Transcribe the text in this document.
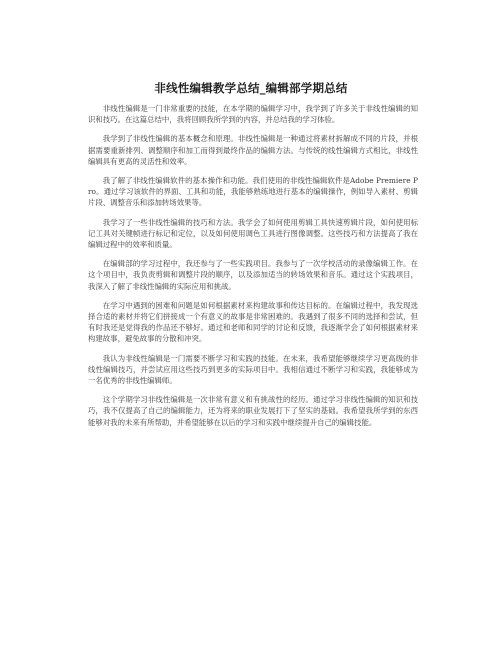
非线性编辑教学总结_编辑部学期总结

非线性编辑是一门非常重要的技能，在本学期的编辑学习中，我学到了许多关于非线性编辑的知识和技巧。在这篇总结中，我将回顾我所学到的内容，并总结我的学习体验。

我学到了非线性编辑的基本概念和原理。非线性编辑是一种通过将素材拆解成不同的片段，并根据需要重新排列、调整顺序和加工而得到最终作品的编辑方法。与传统的线性编辑方式相比，非线性编辑具有更高的灵活性和效率。

我了解了非线性编辑软件的基本操作和功能。我们使用的非线性编辑软件是Adobe Premiere Pro。通过学习该软件的界面、工具和功能，我能够熟练地进行基本的编辑操作，例如导入素材、剪辑片段、调整音乐和添加转场效果等。

我学习了一些非线性编辑的技巧和方法。我学会了如何使用剪辑工具快速剪辑片段，如何使用标记工具对关键帧进行标记和定位，以及如何使用调色工具进行图像调整。这些技巧和方法提高了我在编辑过程中的效率和质量。

在编辑部的学习过程中，我还参与了一些实践项目。我参与了一次学校活动的录像编辑工作。在这个项目中，我负责剪辑和调整片段的顺序，以及添加适当的转场效果和音乐。通过这个实践项目，我深入了解了非线性编辑的实际应用和挑战。

在学习中遇到的困难和问题是如何根据素材来构建故事和传达目标的。在编辑过程中，我发现选择合适的素材并将它们拼接成一个有意义的故事是非常困难的。我遇到了很多不同的选择和尝试，但有时我还是觉得我的作品还不够好。通过和老师和同学的讨论和反馈，我逐渐学会了如何根据素材来构建故事，避免故事的分散和冲突。

我认为非线性编辑是一门需要不断学习和实践的技能。在未来，我希望能够继续学习更高级的非线性编辑技巧，并尝试应用这些技巧到更多的实际项目中。我相信通过不断学习和实践，我能够成为一名优秀的非线性编辑师。

这个学期学习非线性编辑是一次非常有意义和有挑战性的经历。通过学习非线性编辑的知识和技巧，我不仅提高了自己的编辑能力，还为将来的职业发展打下了坚实的基础。我希望我所学到的东西能够对我的未来有所帮助，并希望能够在以后的学习和实践中继续提升自己的编辑技能。
